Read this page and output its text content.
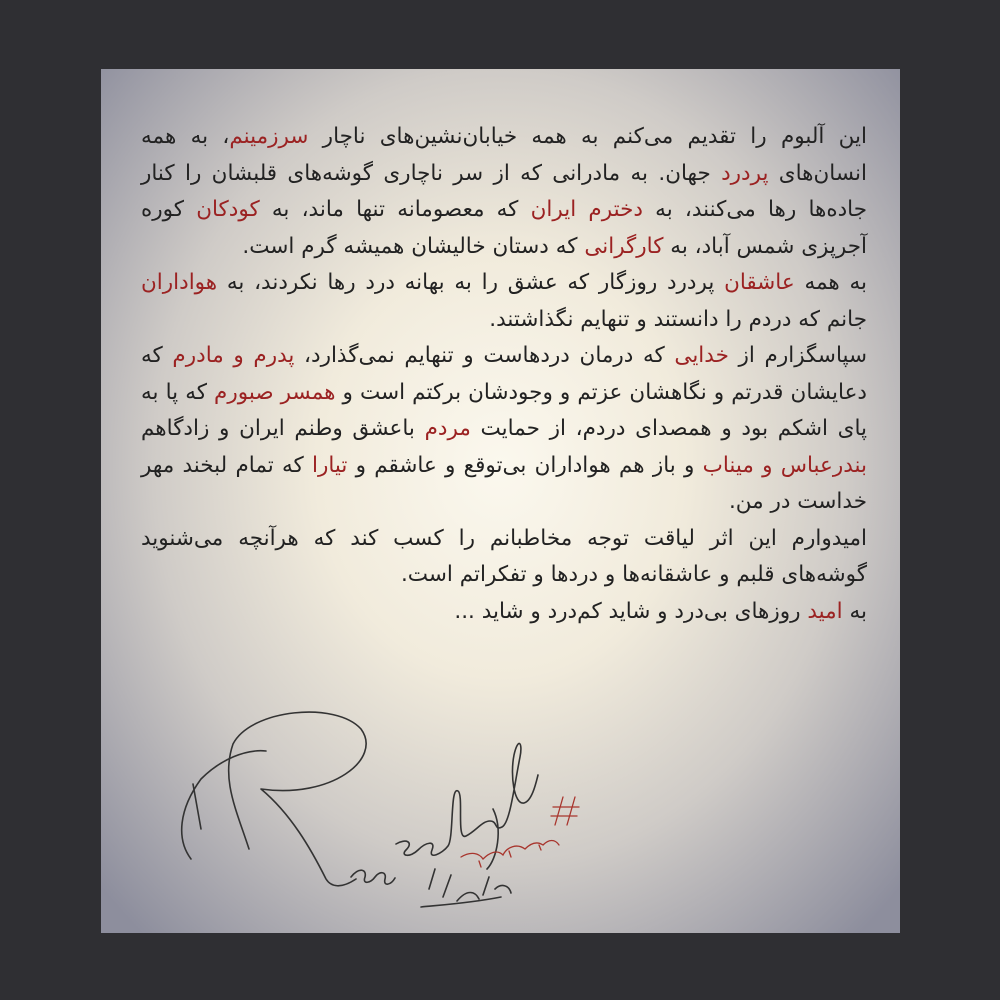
این آلبوم را تقدیم می‌کنم به همه خیابان‌نشین‌های ناچار سرزمینم، به همه انسان‌های پردرد جهان. به مادرانی که از سر ناچاری گوشه‌های قلبشان را کنار جاده‌ها رها می‌کنند، به دخترم ایران که معصومانه تنها ماند، به کودکان کوره آجرپزی شمس آباد، به کارگرانی که دستان خالیشان همیشه گرم است.
به همه عاشقان پردرد روزگار که عشق را به بهانه درد رها نکردند، به هواداران جانم که دردم را دانستند و تنهایم نگذاشتند.
سپاسگزارم از خدایی که درمان دردهاست و تنهایم نمی‌گذارد، پدرم و مادرم که دعایشان قدرتم و نگاهشان عزتم و وجودشان برکتم است و همسر صبورم که پا به پای اشکم بود و همصدای دردم، از حمایت مردم باعشق وطنم ایران و زادگاهم بندرعباس و میناب و باز هم هواداران بی‌توقع و عاشقم و تیارا که تمام لبخند مهر خداست در من.
امیدوارم این اثر لیاقت توجه مخاطبانم را کسب کند که هرآنچه می‌شنوید گوشه‌های قلبم و عاشقانه‌ها و دردها و تفکراتم است.
به امید روزهای بی‌درد و شاید کم‌درد و شاید ...
